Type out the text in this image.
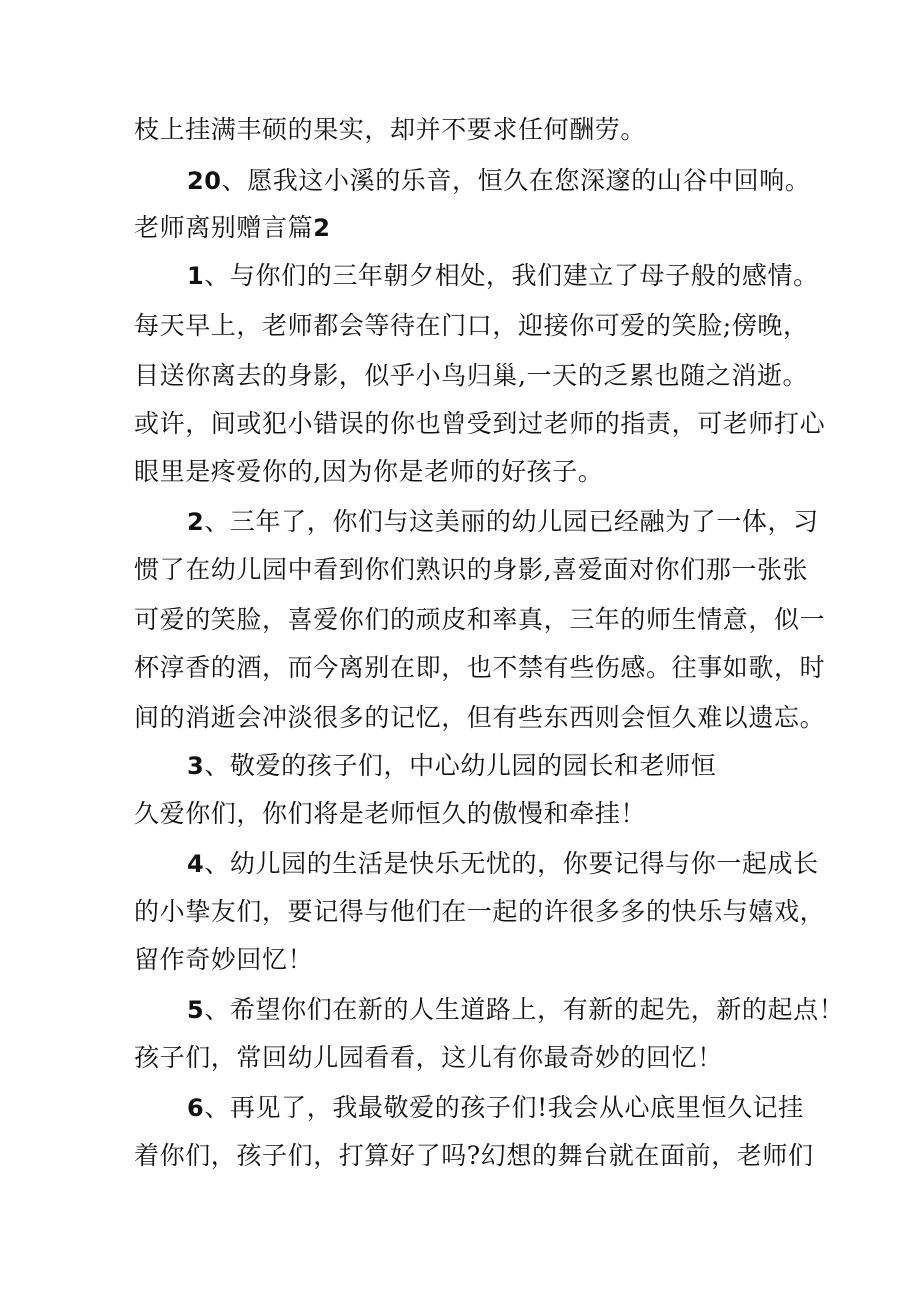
枝上挂满丰硕的果实，却并不要求任何酬劳。
20、愿我这小溪的乐音，恒久在您深邃的山谷中回响。
老师离别赠言篇2
1、与你们的三年朝夕相处，我们建立了母子般的感情。
每天早上，老师都会等待在门口，迎接你可爱的笑脸;傍晚，
目送你离去的身影，似乎小鸟归巢,一天的乏累也随之消逝。
或许，间或犯小错误的你也曾受到过老师的指责，可老师打心
眼里是疼爱你的,因为你是老师的好孩子。
2、三年了，你们与这美丽的幼儿园已经融为了一体，习
惯了在幼儿园中看到你们熟识的身影,喜爱面对你们那一张张
可爱的笑脸，喜爱你们的顽皮和率真，三年的师生情意，似一
杯淳香的酒，而今离别在即，也不禁有些伤感。往事如歌，时
间的消逝会冲淡很多的记忆，但有些东西则会恒久难以遗忘。
3、敬爱的孩子们，中心幼儿园的园长和老师恒
久爱你们，你们将是老师恒久的傲慢和牵挂！
4、幼儿园的生活是快乐无忧的，你要记得与你一起成长
的小挚友们，要记得与他们在一起的许很多多的快乐与嬉戏，
留作奇妙回忆！
5、希望你们在新的人生道路上，有新的起先，新的起点！
孩子们，常回幼儿园看看，这儿有你最奇妙的回忆！
6、再见了，我最敬爱的孩子们!我会从心底里恒久记挂
着你们，孩子们，打算好了吗?幻想的舞台就在面前，老师们
